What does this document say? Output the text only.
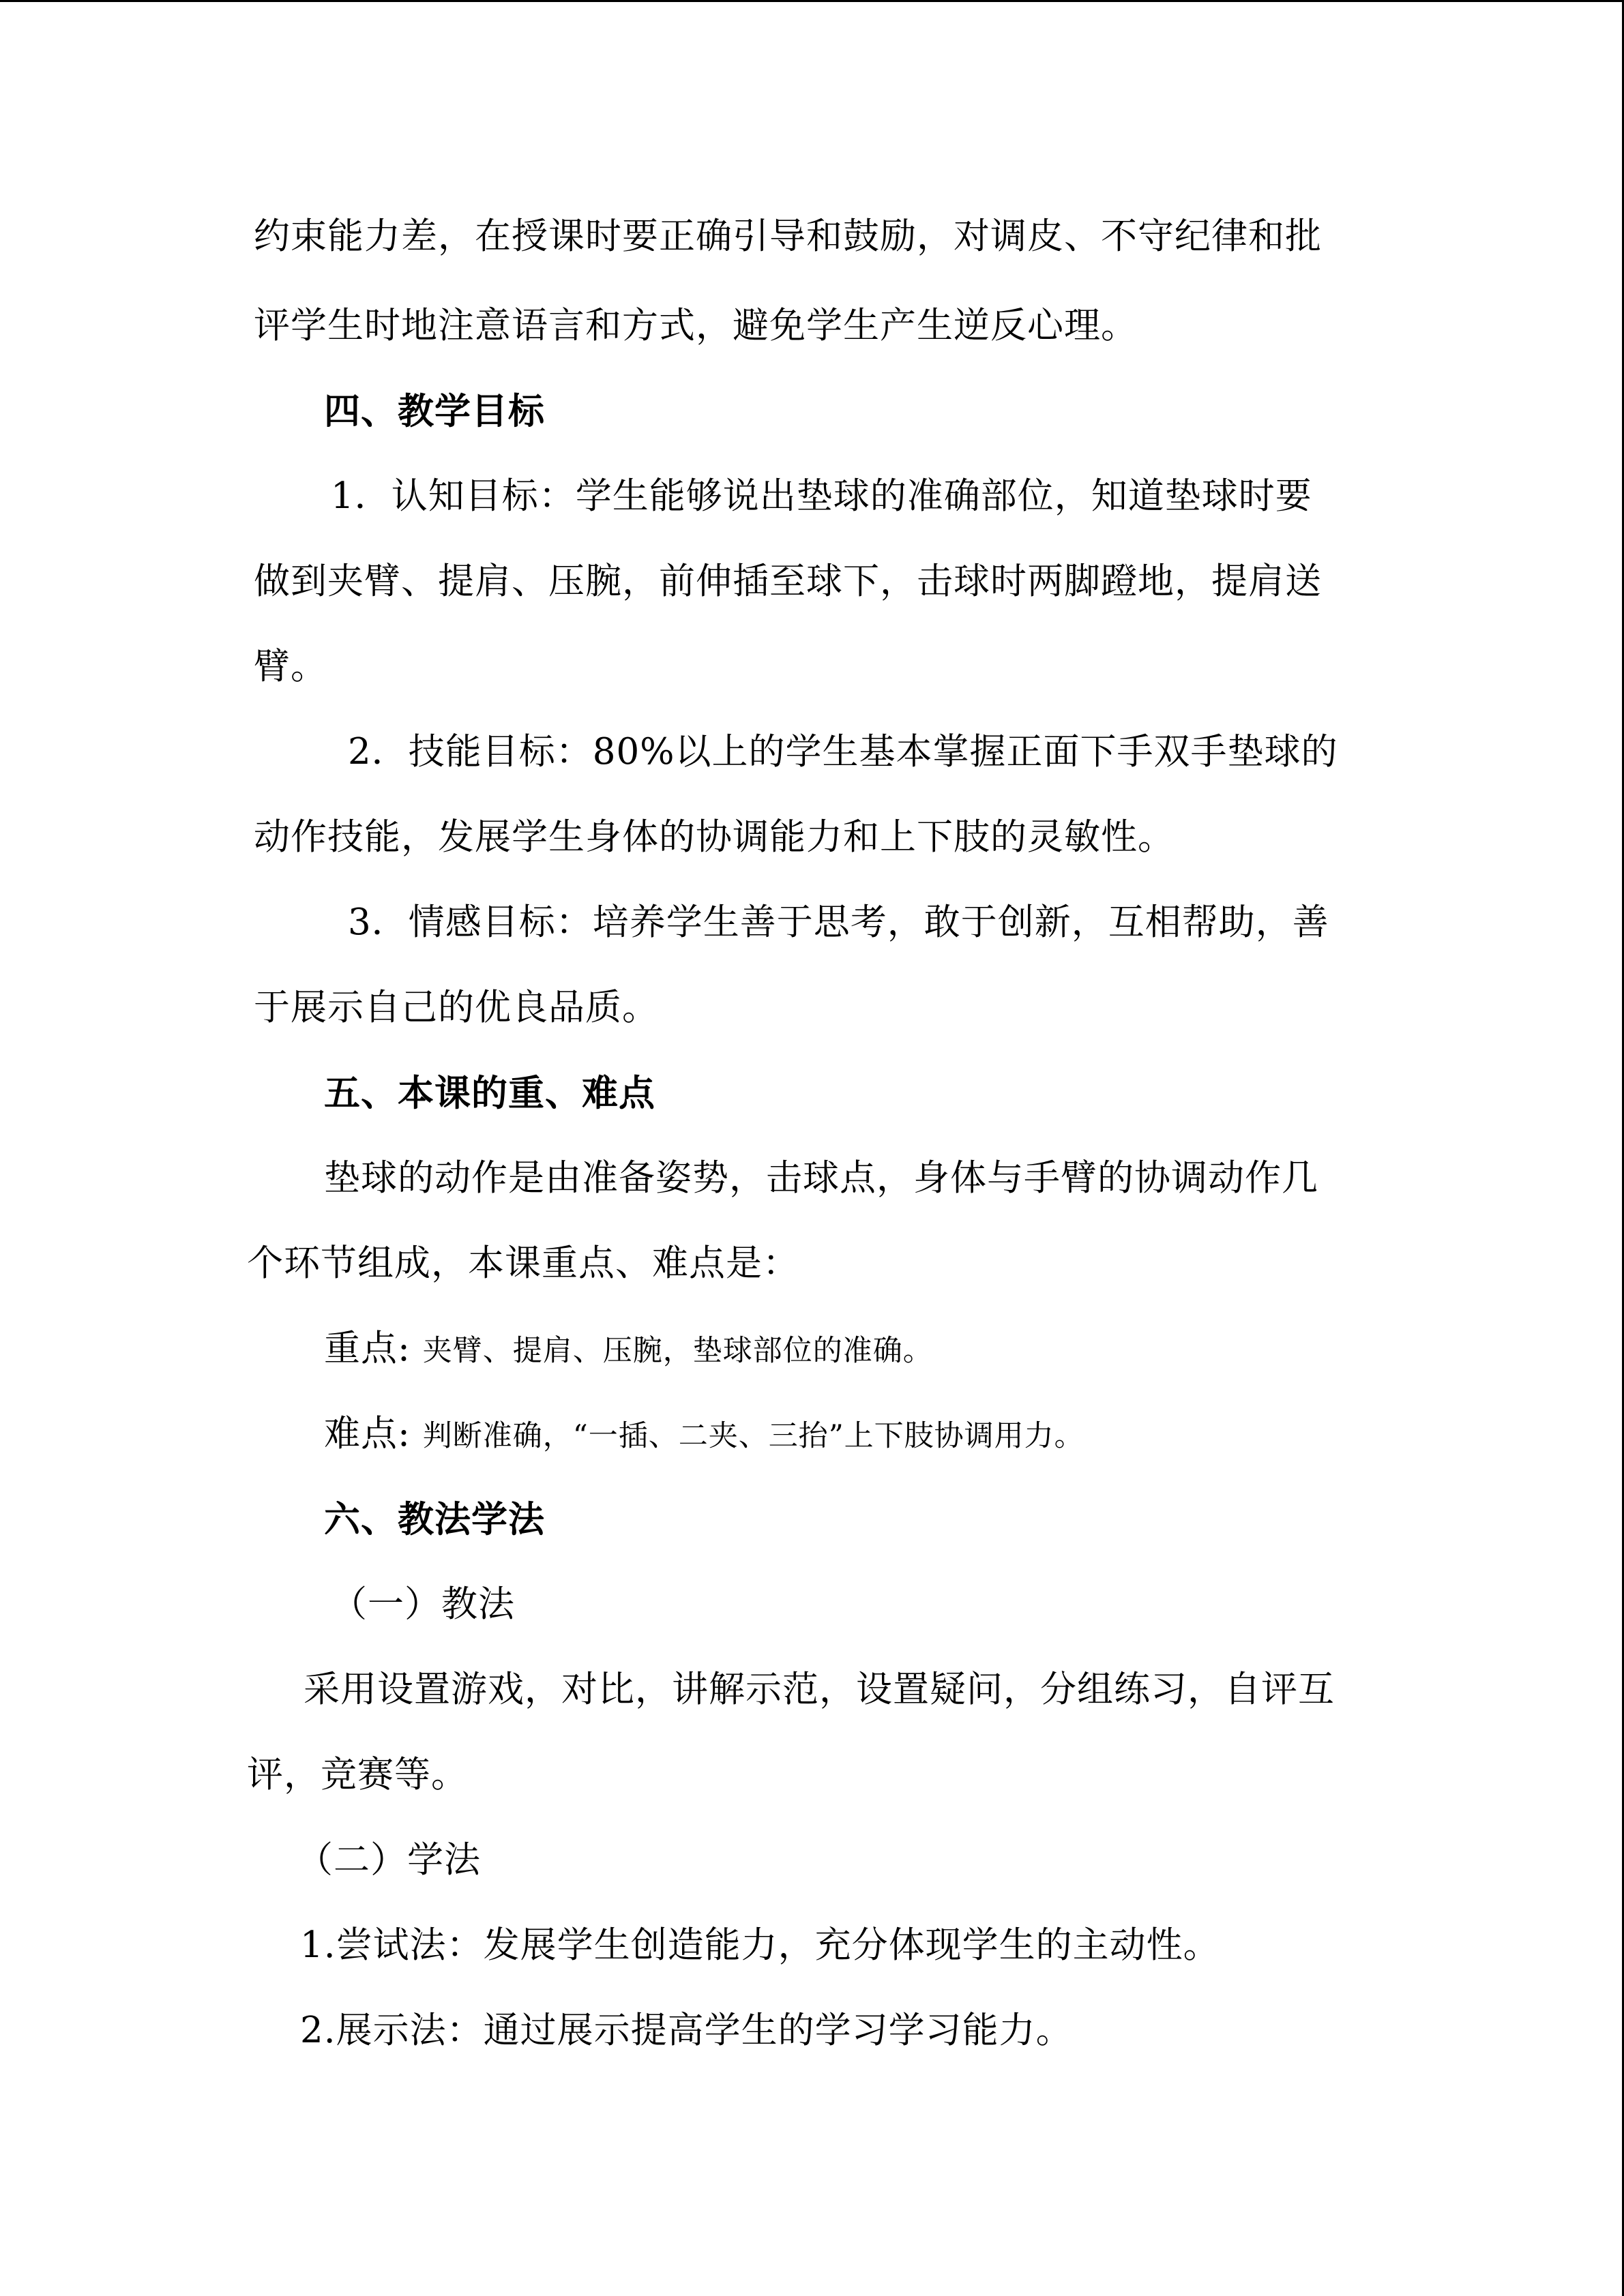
约束能力差，在授课时要正确引导和鼓励，对调皮、不守纪律和批
评学生时地注意语言和方式，避免学生产生逆反心理。
四、教学目标
1．认知目标：学生能够说出垫球的准确部位，知道垫球时要
做到夹臂、提肩、压腕，前伸插至球下，击球时两脚蹬地，提肩送
臂。
2．技能目标：80%以上的学生基本掌握正面下手双手垫球的
动作技能，发展学生身体的协调能力和上下肢的灵敏性。
3．情感目标：培养学生善于思考，敢于创新，互相帮助，善
于展示自己的优良品质。
五、本课的重、难点
垫球的动作是由准备姿势，击球点，身体与手臂的协调动作几
个环节组成，本课重点、难点是：
重点: 夹臂、提肩、压腕，垫球部位的准确。
难点: 判断准确，“一插、二夹、三抬”上下肢协调用力。
六、教法学法
（一）教法
采用设置游戏，对比，讲解示范，设置疑问，分组练习，自评互
评，竞赛等。
（二）学法
1.尝试法：发展学生创造能力，充分体现学生的主动性。
2.展示法：通过展示提高学生的学习学习能力。
